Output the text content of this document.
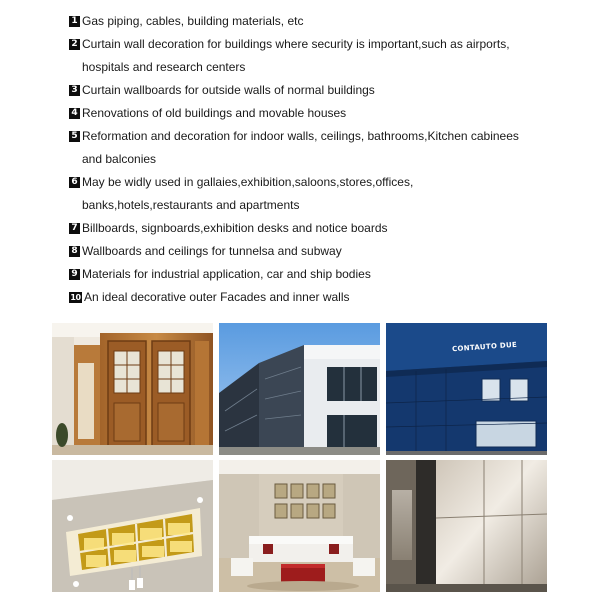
1 Gas piping, cables, building materials, etc
2 Curtain wall decoration for buildings where security is important,such as airports,
hospitals and research centers
3 Curtain wallboards for outside walls of normal buildings
4 Renovations of old buildings and movable houses
5 Reformation and decoration for indoor walls, ceilings, bathrooms,Kitchen cabinees
and balconies
6 May be widly used in gallaies,exhibition,saloons,stores,offices,
banks,hotels,restaurants and apartments
7 Billboards, signboards,exhibition desks and notice boards
8 Wallboards and ceilings for tunnelsa and subway
9 Materials for industrial application, car and ship bodies
10 An ideal decorative outer Facades and inner walls
CONTAUTO DUE
